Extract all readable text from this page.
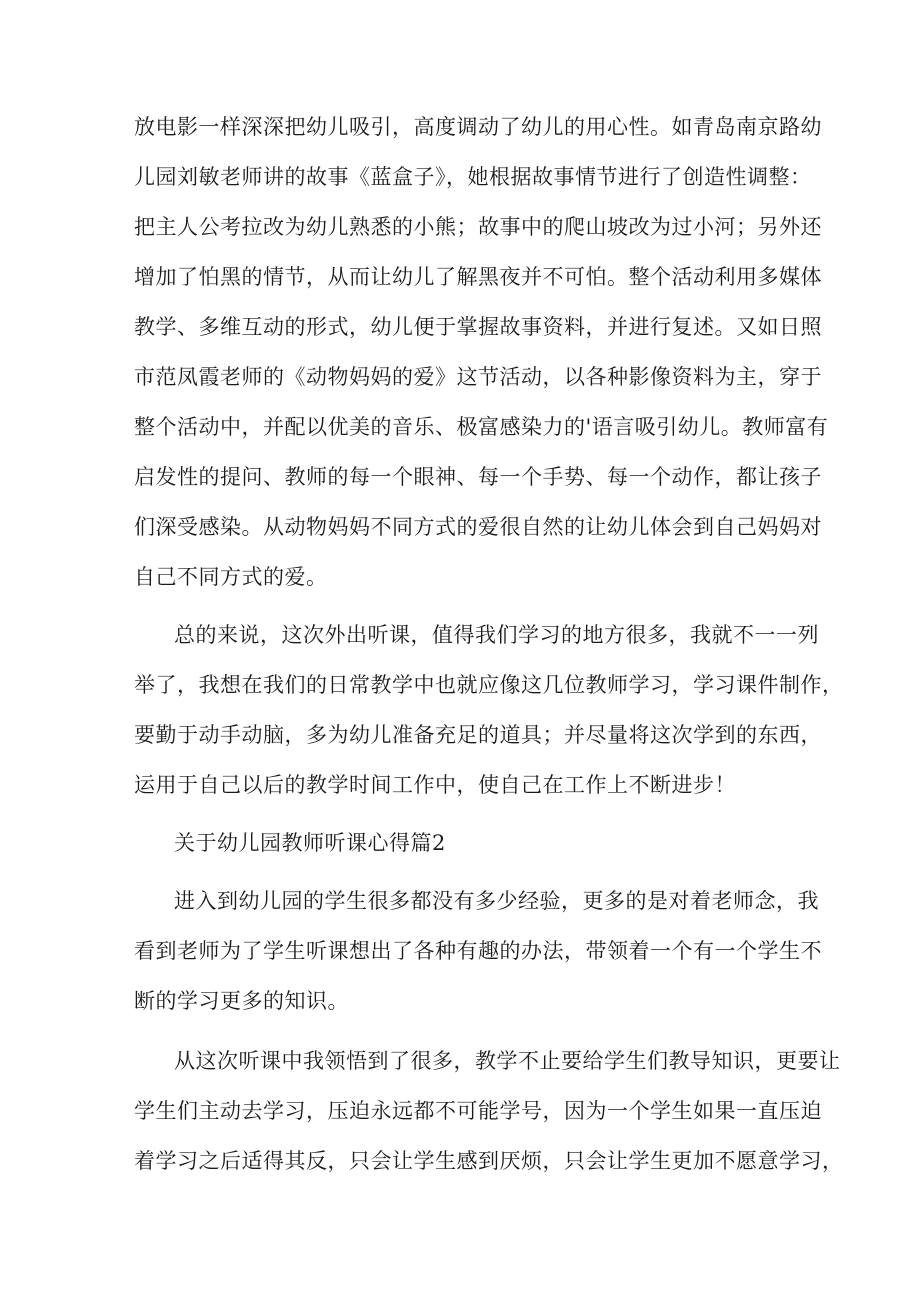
放电影一样深深把幼儿吸引，高度调动了幼儿的用心性。如青岛南京路幼
儿园刘敏老师讲的故事《蓝盒子》，她根据故事情节进行了创造性调整：
把主人公考拉改为幼儿熟悉的小熊；故事中的爬山坡改为过小河；另外还
增加了怕黑的情节，从而让幼儿了解黑夜并不可怕。整个活动利用多媒体
教学、多维互动的形式，幼儿便于掌握故事资料，并进行复述。又如日照
市范凤霞老师的《动物妈妈的爱》这节活动，以各种影像资料为主，穿于
整个活动中，并配以优美的音乐、极富感染力的'语言吸引幼儿。教师富有
启发性的提问、教师的每一个眼神、每一个手势、每一个动作，都让孩子
们深受感染。从动物妈妈不同方式的爱很自然的让幼儿体会到自己妈妈对
自己不同方式的爱。
总的来说，这次外出听课，值得我们学习的地方很多，我就不一一列
举了，我想在我们的日常教学中也就应像这几位教师学习，学习课件制作，
要勤于动手动脑，多为幼儿准备充足的道具；并尽量将这次学到的东西，
运用于自己以后的教学时间工作中，使自己在工作上不断进步！
关于幼儿园教师听课心得篇2
进入到幼儿园的学生很多都没有多少经验，更多的是对着老师念，我
看到老师为了学生听课想出了各种有趣的办法，带领着一个有一个学生不
断的学习更多的知识。
从这次听课中我领悟到了很多，教学不止要给学生们教导知识，更要让
学生们主动去学习，压迫永远都不可能学号，因为一个学生如果一直压迫
着学习之后适得其反，只会让学生感到厌烦，只会让学生更加不愿意学习，
